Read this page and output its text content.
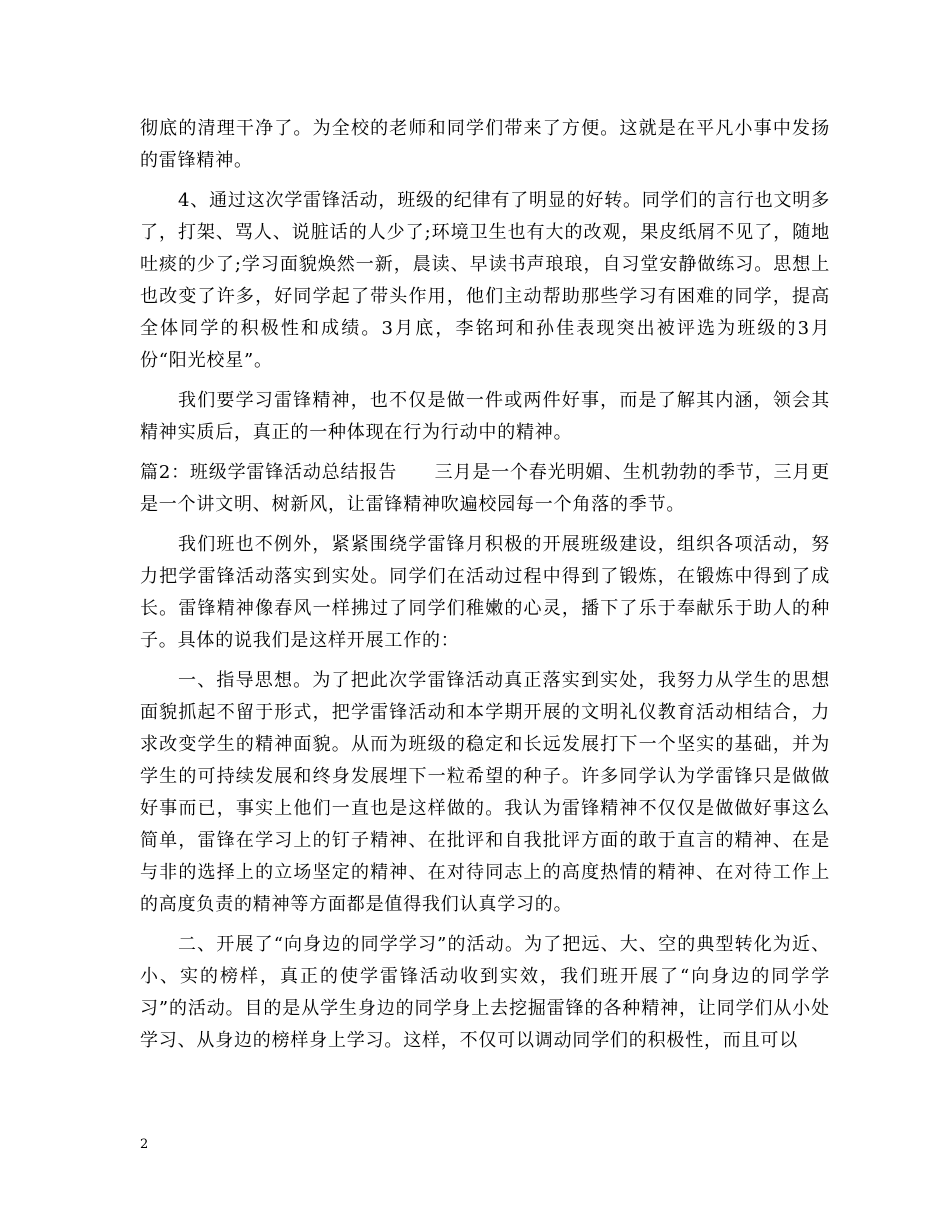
彻底的清理干净了。为全校的老师和同学们带来了方便。这就是在平凡小事中发扬的雷锋精神。

4、通过这次学雷锋活动，班级的纪律有了明显的好转。同学们的言行也文明多了，打架、骂人、说脏话的人少了;环境卫生也有大的改观，果皮纸屑不见了，随地吐痰的少了;学习面貌焕然一新，晨读、早读书声琅琅，自习堂安静做练习。思想上也改变了许多，好同学起了带头作用，他们主动帮助那些学习有困难的同学，提高全体同学的积极性和成绩。3月底，李铭珂和孙佳表现突出被评选为班级的3月份“阳光校星”。

我们要学习雷锋精神，也不仅是做一件或两件好事，而是了解其内涵，领会其精神实质后，真正的一种体现在行为行动中的精神。

篇2：班级学雷锋活动总结报告　　三月是一个春光明媚、生机勃勃的季节，三月更是一个讲文明、树新风，让雷锋精神吹遍校园每一个角落的季节。

我们班也不例外，紧紧围绕学雷锋月积极的开展班级建设，组织各项活动，努力把学雷锋活动落实到实处。同学们在活动过程中得到了锻炼，在锻炼中得到了成长。雷锋精神像春风一样拂过了同学们稚嫩的心灵，播下了乐于奉献乐于助人的种子。具体的说我们是这样开展工作的：

一、指导思想。为了把此次学雷锋活动真正落实到实处，我努力从学生的思想面貌抓起不留于形式，把学雷锋活动和本学期开展的文明礼仪教育活动相结合，力求改变学生的精神面貌。从而为班级的稳定和长远发展打下一个坚实的基础，并为学生的可持续发展和终身发展埋下一粒希望的种子。许多同学认为学雷锋只是做做好事而已，事实上他们一直也是这样做的。我认为雷锋精神不仅仅是做做好事这么简单，雷锋在学习上的钉子精神、在批评和自我批评方面的敢于直言的精神、在是与非的选择上的立场坚定的精神、在对待同志上的高度热情的精神、在对待工作上的高度负责的精神等方面都是值得我们认真学习的。

二、开展了“向身边的同学学习”的活动。为了把远、大、空的典型转化为近、小、实的榜样，真正的使学雷锋活动收到实效，我们班开展了“向身边的同学学习”的活动。目的是从学生身边的同学身上去挖掘雷锋的各种精神，让同学们从小处学习、从身边的榜样身上学习。这样，不仅可以调动同学们的积极性，而且可以

2
